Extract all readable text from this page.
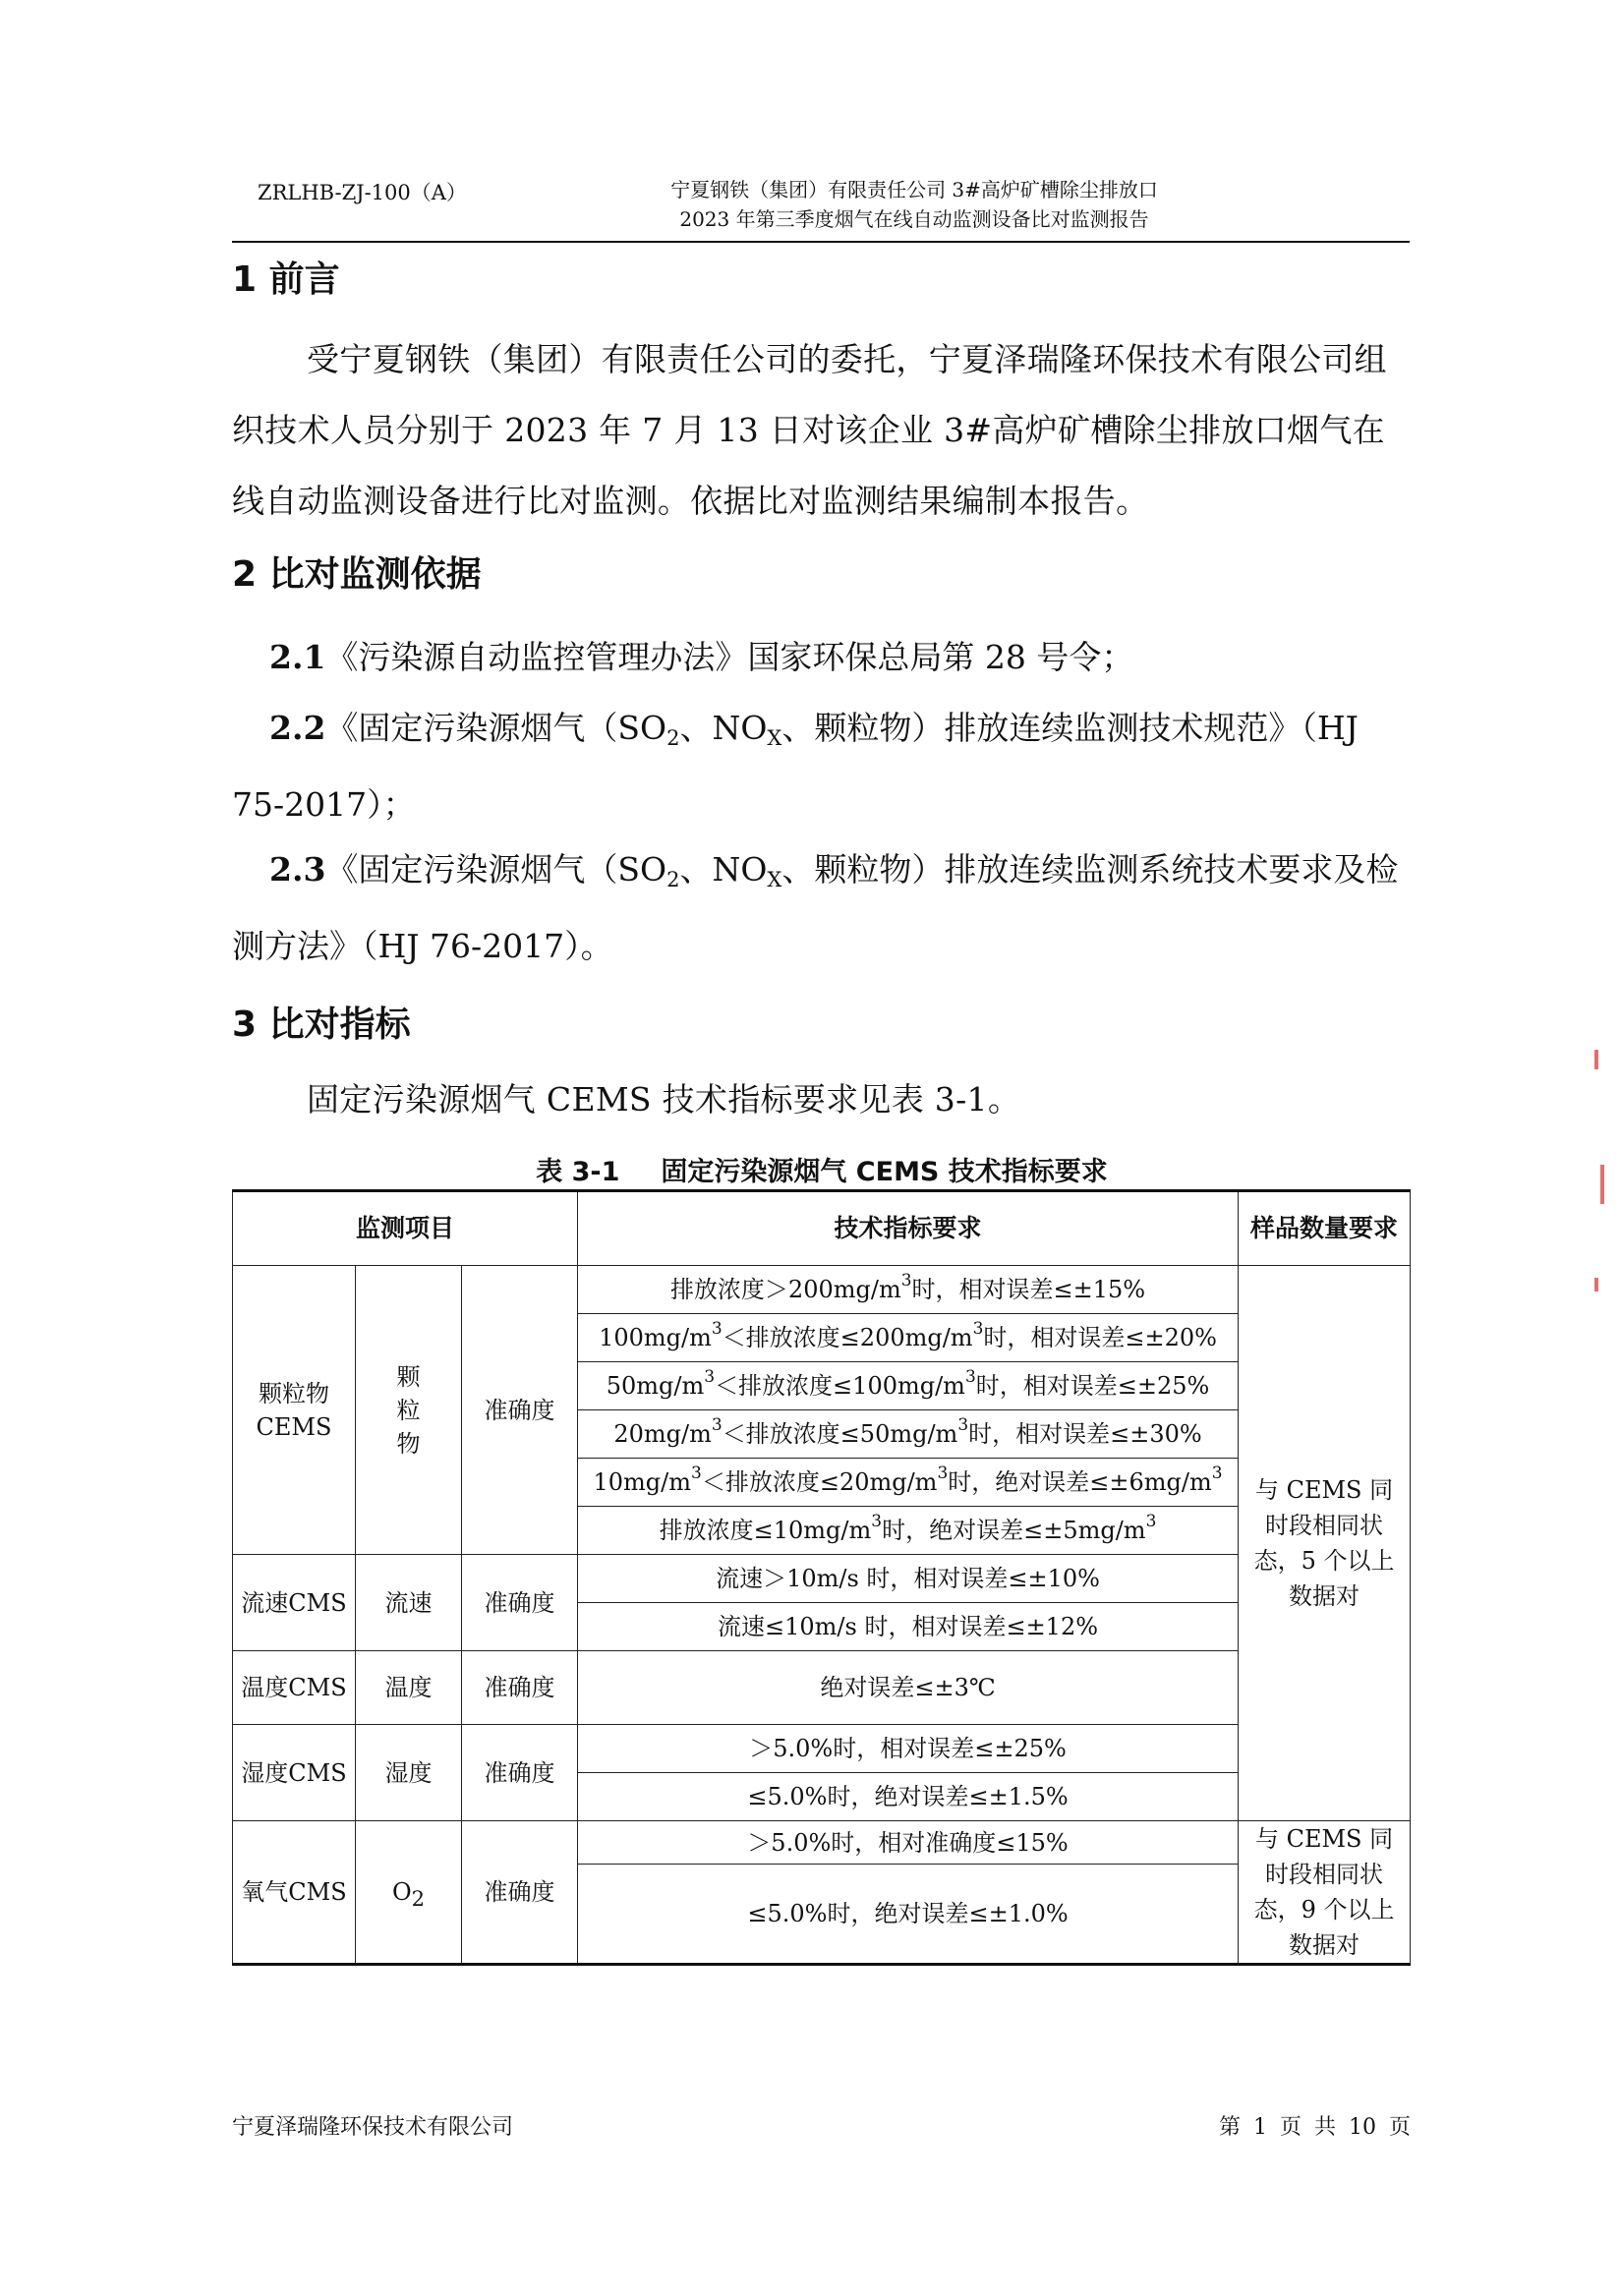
ZRLHB-ZJ-100（A）	宁夏钢铁（集团）有限责任公司 3#高炉矿槽除尘排放口
2023 年第三季度烟气在线自动监测设备比对监测报告
1 前言
受宁夏钢铁（集团）有限责任公司的委托，宁夏泽瑞隆环保技术有限公司组织技术人员分别于 2023 年 7 月 13 日对该企业 3#高炉矿槽除尘排放口烟气在线自动监测设备进行比对监测。依据比对监测结果编制本报告。
2 比对监测依据
2.1《污染源自动监控管理办法》国家环保总局第 28 号令；
2.2《固定污染源烟气（$SO_2$、$NO_X$、颗粒物）排放连续监测技术规范》（HJ 75-2017）；
2.3《固定污染源烟气（$SO_2$、$NO_X$、颗粒物）排放连续监测系统技术要求及检测方法》（HJ 76-2017）。
3 比对指标
固定污染源烟气 CEMS 技术指标要求见表 3-1。
表 3-1 固定污染源烟气 CEMS 技术指标要求
监测项目			技术指标要求	样品数量要求
颗粒物CEMS	颗粒物	准确度	排放浓度$>200mg/m^3$时，相对误差≤±15%	与 CEMS 同时段相同状态，5 个以上数据对
			$100mg/m^3<$排放浓度$\le 200mg/m^3$时，相对误差≤±20%	
			$50mg/m^3<$排放浓度$\le 100mg/m^3$时，相对误差≤±25%	
			$20mg/m^3<$排放浓度$\le 50mg/m^3$时，相对误差≤±30%	
			$10mg/m^3<$排放浓度$\le 20mg/m^3$时，绝对误差$\le\pm 6mg/m^3$
			排放浓度$\le 10mg/m^3$时，绝对误差$\le\pm 5mg/m^3$
流速CMS	流速	准确度	流速＞10m/s 时，相对误差≤±10%	
			流速≤10m/s 时，相对误差≤±12%	
温度CMS	温度	准确度	绝对误差≤±3℃	
湿度CMS	湿度	准确度	＞5.0%时，相对误差≤±25%	
			≤5.0%时，绝对误差≤±1.5%	
氧气CMS	$O_2$	准确度	＞5.0%时，相对准确度≤15%	与 CEMS 同时段相同状态，9 个以上数据对
			≤5.0%时，绝对误差≤±1.0%	
宁夏泽瑞隆环保技术有限公司	第 1 页 共 10 页
